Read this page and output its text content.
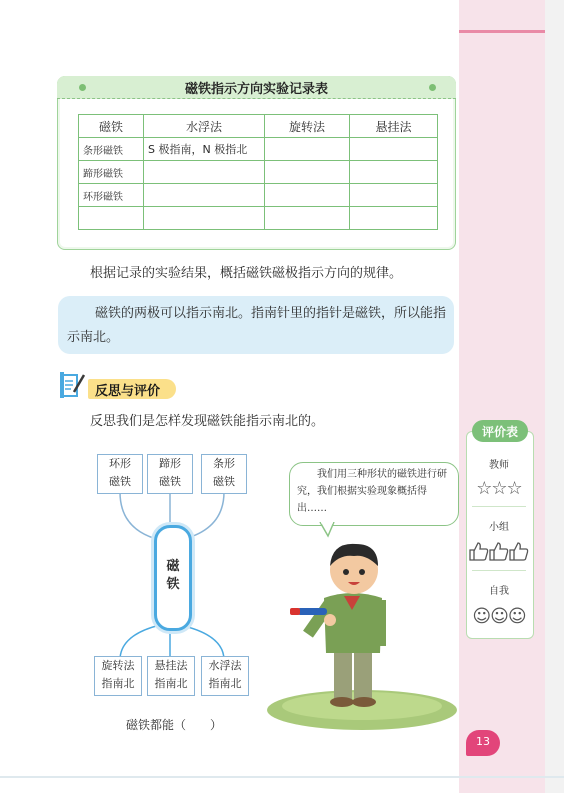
磁铁指示方向实验记录表
磁铁	水浮法	旋转法	悬挂法
条形磁铁	S 极指南，N 极指北		
蹄形磁铁			
环形磁铁			

根据记录的实验结果，概括磁铁磁极指示方向的规律。
磁铁的两极可以指示南北。指南针里的指针是磁铁，所以能指示南北。
反思与评价
反思我们是怎样发现磁铁能指示南北的。
环形
磁铁
蹄形
磁铁
条形
磁铁
磁
铁
旋转法
指南北
悬挂法
指南北
水浮法
指南北
磁铁都能（　　）
我们用三种形状的磁铁进行研究，我们根据实验现象概括得出……
评价表
教师
☆☆☆
小组
自我
☺☺☺
13
